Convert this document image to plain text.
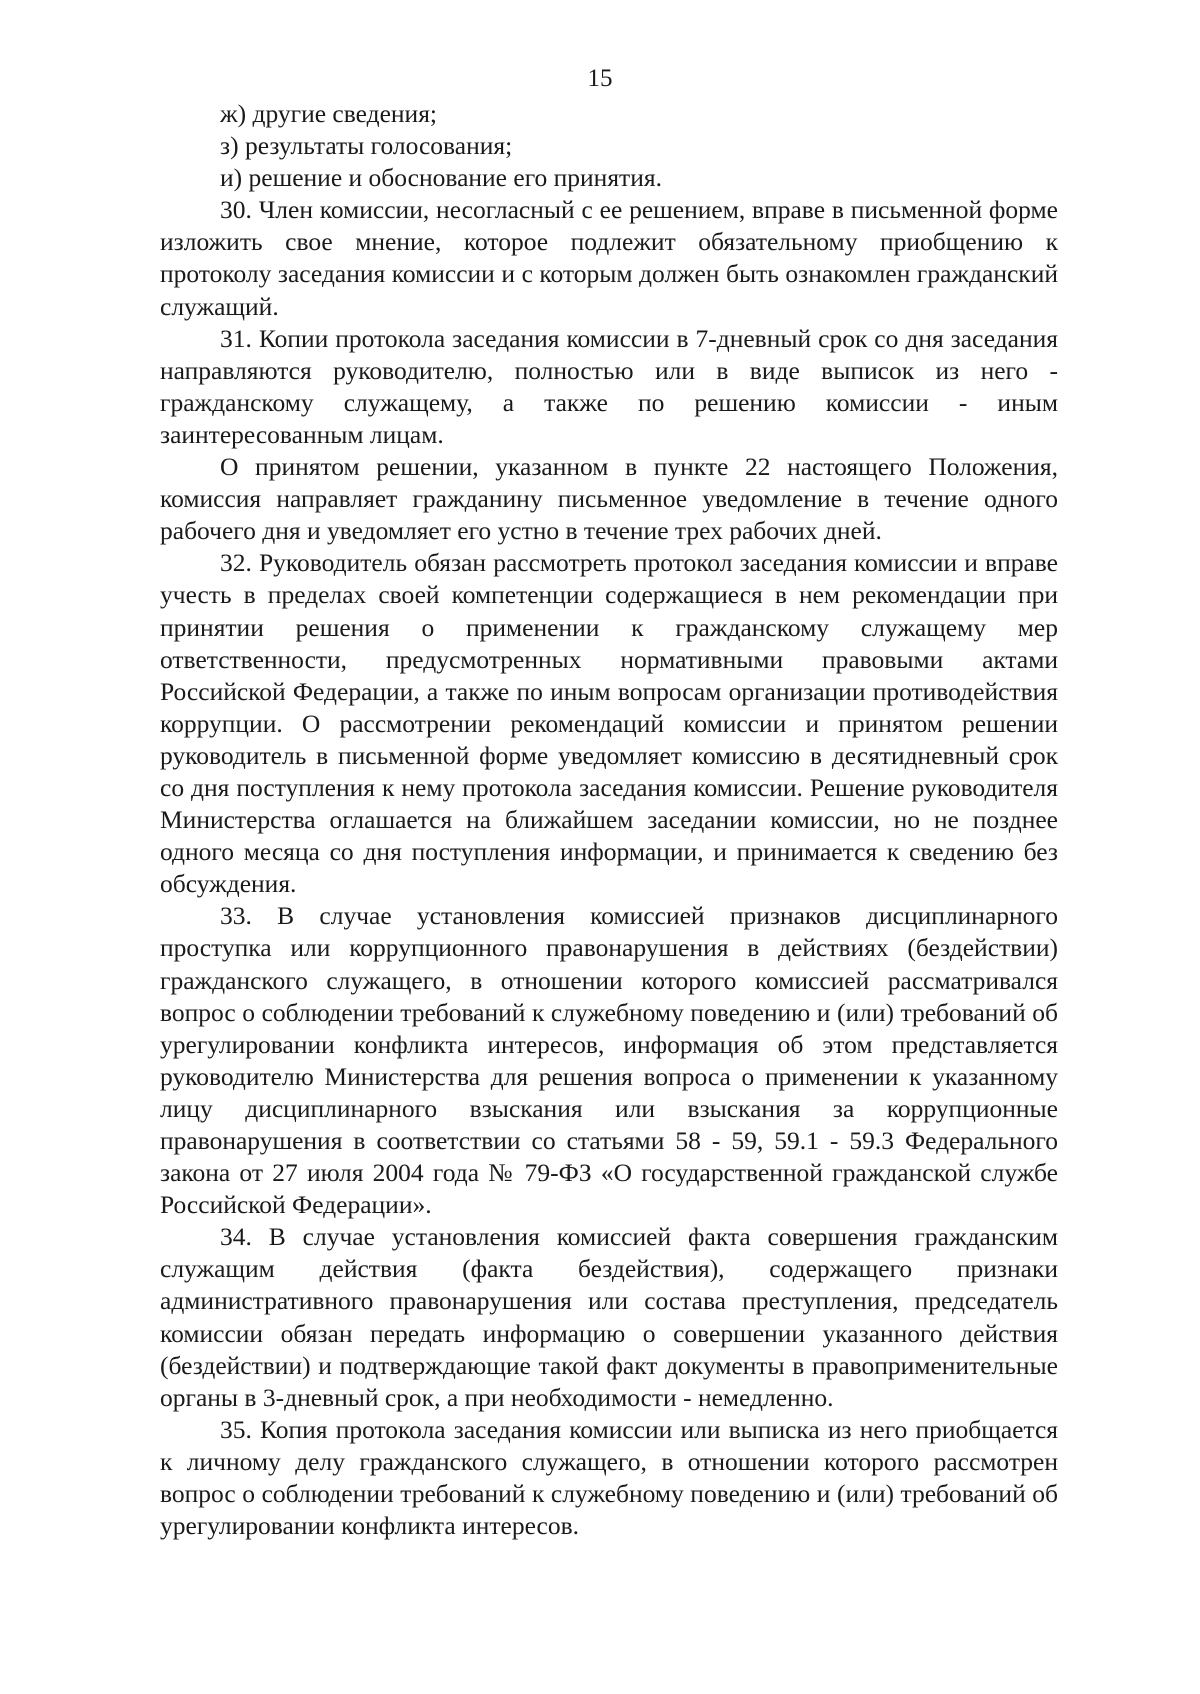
15

ж) другие сведения;

з) результаты голосования;

и) решение и обоснование его принятия.

30. Член комиссии, несогласный с ее решением, вправе в письменной форме изложить свое мнение, которое подлежит обязательному приобщению к протоколу заседания комиссии и с которым должен быть ознакомлен гражданский служащий.

31. Копии протокола заседания комиссии в 7-дневный срок со дня заседания направляются руководителю, полностью или в виде выписок из него - гражданскому служащему, а также по решению комиссии - иным заинтересованным лицам.

О принятом решении, указанном в пункте 22 настоящего Положения, комиссия направляет гражданину письменное уведомление в течение одного рабочего дня и уведомляет его устно в течение трех рабочих дней.

32. Руководитель обязан рассмотреть протокол заседания комиссии и вправе учесть в пределах своей компетенции содержащиеся в нем рекомендации при принятии решения о применении к гражданскому служащему мер ответственности, предусмотренных нормативными правовыми актами Российской Федерации, а также по иным вопросам организации противодействия коррупции. О рассмотрении рекомендаций комиссии и принятом решении руководитель в письменной форме уведомляет комиссию в десятидневный срок со дня поступления к нему протокола заседания комиссии. Решение руководителя Министерства оглашается на ближайшем заседании комиссии, но не позднее одного месяца со дня поступления информации, и принимается к сведению без обсуждения.

33. В случае установления комиссией признаков дисциплинарного проступка или коррупционного правонарушения в действиях (бездействии) гражданского служащего, в отношении которого комиссией рассматривался вопрос о соблюдении требований к служебному поведению и (или) требований об урегулировании конфликта интересов, информация об этом представляется руководителю Министерства для решения вопроса о применении к указанному лицу дисциплинарного взыскания или взыскания за коррупционные правонарушения в соответствии со статьями 58 - 59, 59.1 - 59.3 Федерального закона от 27 июля 2004 года № 79-ФЗ «О государственной гражданской службе Российской Федерации».

34. В случае установления комиссией факта совершения гражданским служащим действия (факта бездействия), содержащего признаки административного правонарушения или состава преступления, председатель комиссии обязан передать информацию о совершении указанного действия (бездействии) и подтверждающие такой факт документы в правоприменительные органы в 3-дневный срок, а при необходимости - немедленно.

35. Копия протокола заседания комиссии или выписка из него приобщается к личному делу гражданского служащего, в отношении которого рассмотрен вопрос о соблюдении требований к служебному поведению и (или) требований об урегулировании конфликта интересов.
